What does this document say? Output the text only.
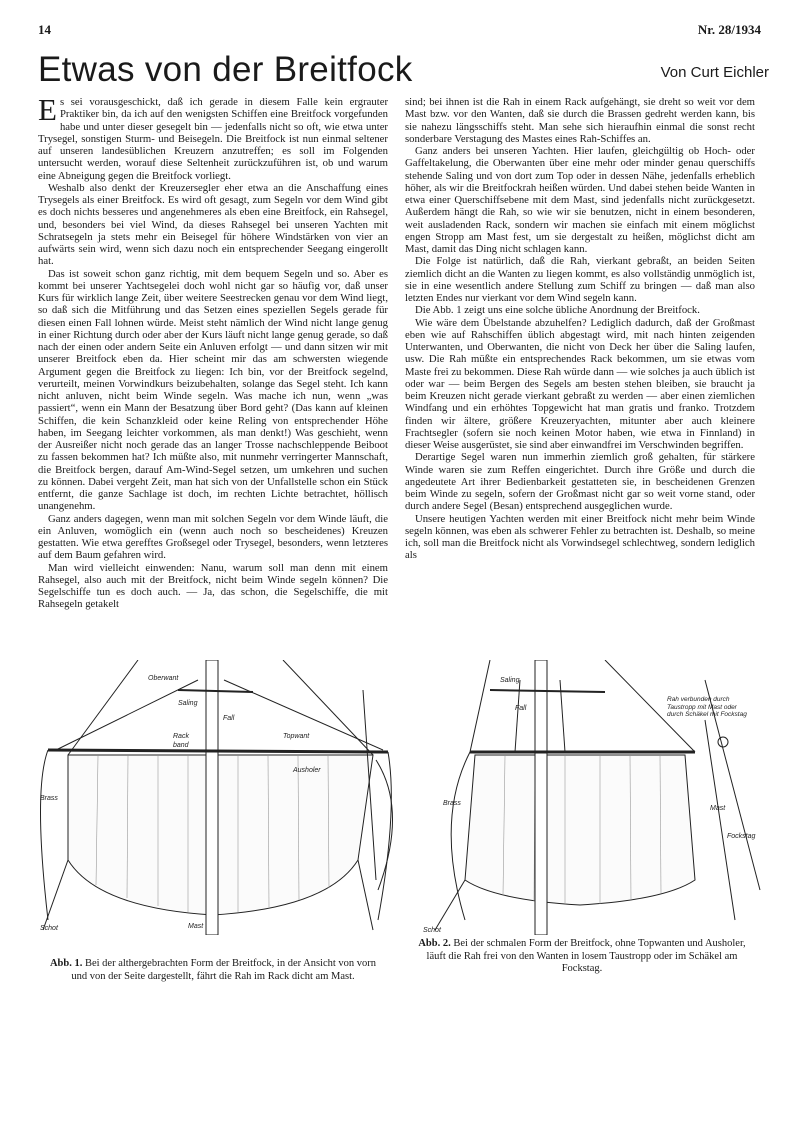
14	Nr. 28/1934
Etwas von der Breitfock	Von Curt Eichler

Es sei vorausgeschickt, daß ich gerade in diesem Falle kein ergrauter Praktiker bin, da ich auf den wenigsten Schiffen eine Breitfock vorgefunden habe und unter dieser gesegelt bin — jedenfalls nicht so oft, wie etwa unter Trysegel, sonstigen Sturm- und Beisegeln. Die Breitfock ist nun einmal seltener auf unseren landesüblichen Kreuzern anzutreffen; es soll im Folgenden untersucht werden, worauf diese Seltenheit zurückzuführen ist, ob und warum eine Abneigung gegen die Breitfock vorliegt.

Weshalb also denkt der Kreuzersegler eher etwa an die Anschaffung eines Trysegels als einer Breitfock. Es wird oft gesagt, zum Segeln vor dem Wind gibt es doch nichts besseres und angenehmeres als eben eine Breitfock, ein Rahsegel, und, besonders bei viel Wind, da dieses Rahsegel bei unseren Yachten mit Schratsegeln ja stets mehr ein Beisegel für höhere Windstärken von vier an aufwärts sein wird, wenn sich dazu noch ein entsprechender Seegang eingerollt hat.

Das ist soweit schon ganz richtig, mit dem bequem Segeln und so. Aber es kommt bei unserer Yachtsegelei doch wohl nicht gar so häufig vor, daß unser Kurs für wirklich lange Zeit, über weitere Seestrecken genau vor dem Wind liegt, so daß sich die Mitführung und das Setzen eines speziellen Segels gerade für diesen einen Fall lohnen würde. Meist steht nämlich der Wind nicht lange genug in einer Richtung durch oder aber der Kurs läuft nicht lange genug gerade, so daß nach der einen oder andern Seite ein Anluven erfolgt — und dann sitzen wir mit unserer Breitfock eben da. Hier scheint mir das am schwersten wiegende Argument gegen die Breitfock zu liegen: Ich bin, vor der Breitfock segelnd, verurteilt, meinen Vorwindkurs beizubehalten, solange das Segel steht. Ich kann nicht anluven, nicht beim Winde segeln. Was mache ich nun, wenn „was passiert“, wenn ein Mann der Besatzung über Bord geht? (Das kann auf kleinen Schiffen, die kein Schanzkleid oder keine Reling von entsprechender Höhe haben, im Seegang leichter vorkommen, als man denkt!) Was geschieht, wenn der Ausreißer nicht noch gerade das an langer Trosse nachschleppende Beiboot zu fassen bekommen hat? Ich müßte also, mit nunmehr verringerter Mannschaft, die Breitfock bergen, darauf Am-Wind-Segel setzen, um umkehren und suchen zu können. Dabei vergeht Zeit, man hat sich von der Unfallstelle schon ein Stück entfernt, die ganze Sachlage ist doch, im rechten Lichte betrachtet, höllisch unangenehm.

Ganz anders dagegen, wenn man mit solchen Segeln vor dem Winde läuft, die ein Anluven, womöglich ein (wenn auch noch so bescheidenes) Kreuzen gestatten. Wie etwa gerefftes Großsegel oder Trysegel, besonders, wenn letzteres auf dem Baum gefahren wird.

Man wird vielleicht einwenden: Nanu, warum soll man denn mit einem Rahsegel, also auch mit der Breitfock, nicht beim Winde segeln können? Die Segelschiffe tun es doch auch. — Ja, das schon, die Segelschiffe, die mit Rahsegeln getakelt

sind; bei ihnen ist die Rah in einem Rack aufgehängt, sie dreht so weit vor dem Mast bzw. vor den Wanten, daß sie durch die Brassen gedreht werden kann, bis sie nahezu längsschiffs steht. Man sehe sich hieraufhin einmal die sonst recht sonderbare Verstagung des Mastes eines Rah-Schiffes an.

Ganz anders bei unseren Yachten. Hier laufen, gleichgültig ob Hoch- oder Gaffeltakelung, die Oberwanten über eine mehr oder minder genau querschiffs stehende Saling und von dort zum Top oder in dessen Nähe, jedenfalls erheblich höher, als wir die Breitfockrah heißen würden. Und dabei stehen beide Wanten in etwa einer Querschiffsebene mit dem Mast, sind jedenfalls nicht zurückgesetzt. Außerdem hängt die Rah, so wie wir sie benutzen, nicht in einem besonderen, weit ausladenden Rack, sondern wir machen sie einfach mit einem möglichst engen Stropp am Mast fest, um sie dergestalt zu heißen, möglichst dicht am Mast, damit das Ding nicht schlagen kann.

Die Folge ist natürlich, daß die Rah, vierkant gebraßt, an beiden Seiten ziemlich dicht an die Wanten zu liegen kommt, es also vollständig unmöglich ist, sie in eine wesentlich andere Stellung zum Schiff zu bringen — daß man also letzten Endes nur vierkant vor dem Wind segeln kann.

Die Abb. 1 zeigt uns eine solche übliche Anordnung der Breitfock.

Wie wäre dem Übelstande abzuhelfen? Lediglich dadurch, daß der Großmast eben wie auf Rahschiffen üblich abgestagt wird, mit nach hinten zeigenden Unterwanten, und Oberwanten, die nicht von Deck her über die Saling laufen, usw. Die Rah müßte ein entsprechendes Rack bekommen, um sie etwas vom Maste frei zu bekommen. Diese Rah würde dann — wie solches ja auch üblich ist oder war — beim Bergen des Segels am besten stehen bleiben, sie braucht ja beim Kreuzen nicht gerade vierkant gebraßt zu werden — aber einen ziemlichen Windfang und ein erhöhtes Topgewicht hat man gratis und franko. Trotzdem finden wir ältere, größere Kreuzeryachten, mitunter aber auch kleinere Frachtsegler (sofern sie noch keinen Motor haben, wie etwa in Finnland) in dieser Weise ausgerüstet, sie sind aber einwandfrei im Verschwinden begriffen.

Derartige Segel waren nun immerhin ziemlich groß gehalten, für stärkere Winde waren sie zum Reffen eingerichtet. Durch ihre Größe und durch die angedeutete Art ihrer Bedienbarkeit gestatteten sie, in bescheidenen Grenzen beim Winde zu segeln, sofern der Großmast nicht gar so weit vorne stand, oder durch andere Segel (Besan) entsprechend ausgeglichen wurde.

Unsere heutigen Yachten werden mit einer Breitfock nicht mehr beim Winde segeln können, was eben als schwerer Fehler zu betrachten ist. Deshalb, so meine ich, soll man die Breitfock nicht als Vorwindsegel schlechtweg, sondern lediglich als

Oberwant
Saling
Fall
Topwant
Rack
band
Ausholer
Brass
Schot	Mast
Abb. 1. Bei der althergebrachten Form der Breitfock, in der Ansicht von vorn und von der Seite dargestellt, fährt die Rah im Rack dicht am Mast.
Saling
Fall
Brass
Mast
Schot
Fockstag
Rah verbunden durch Taustropp mit Mast oder durch Schäkel mit Fockstag
Abb. 2. Bei der schmalen Form der Breitfock, ohne Topwanten und Ausholer, läuft die Rah frei von den Wanten in losem Taustropp oder im Schäkel am Fockstag.
